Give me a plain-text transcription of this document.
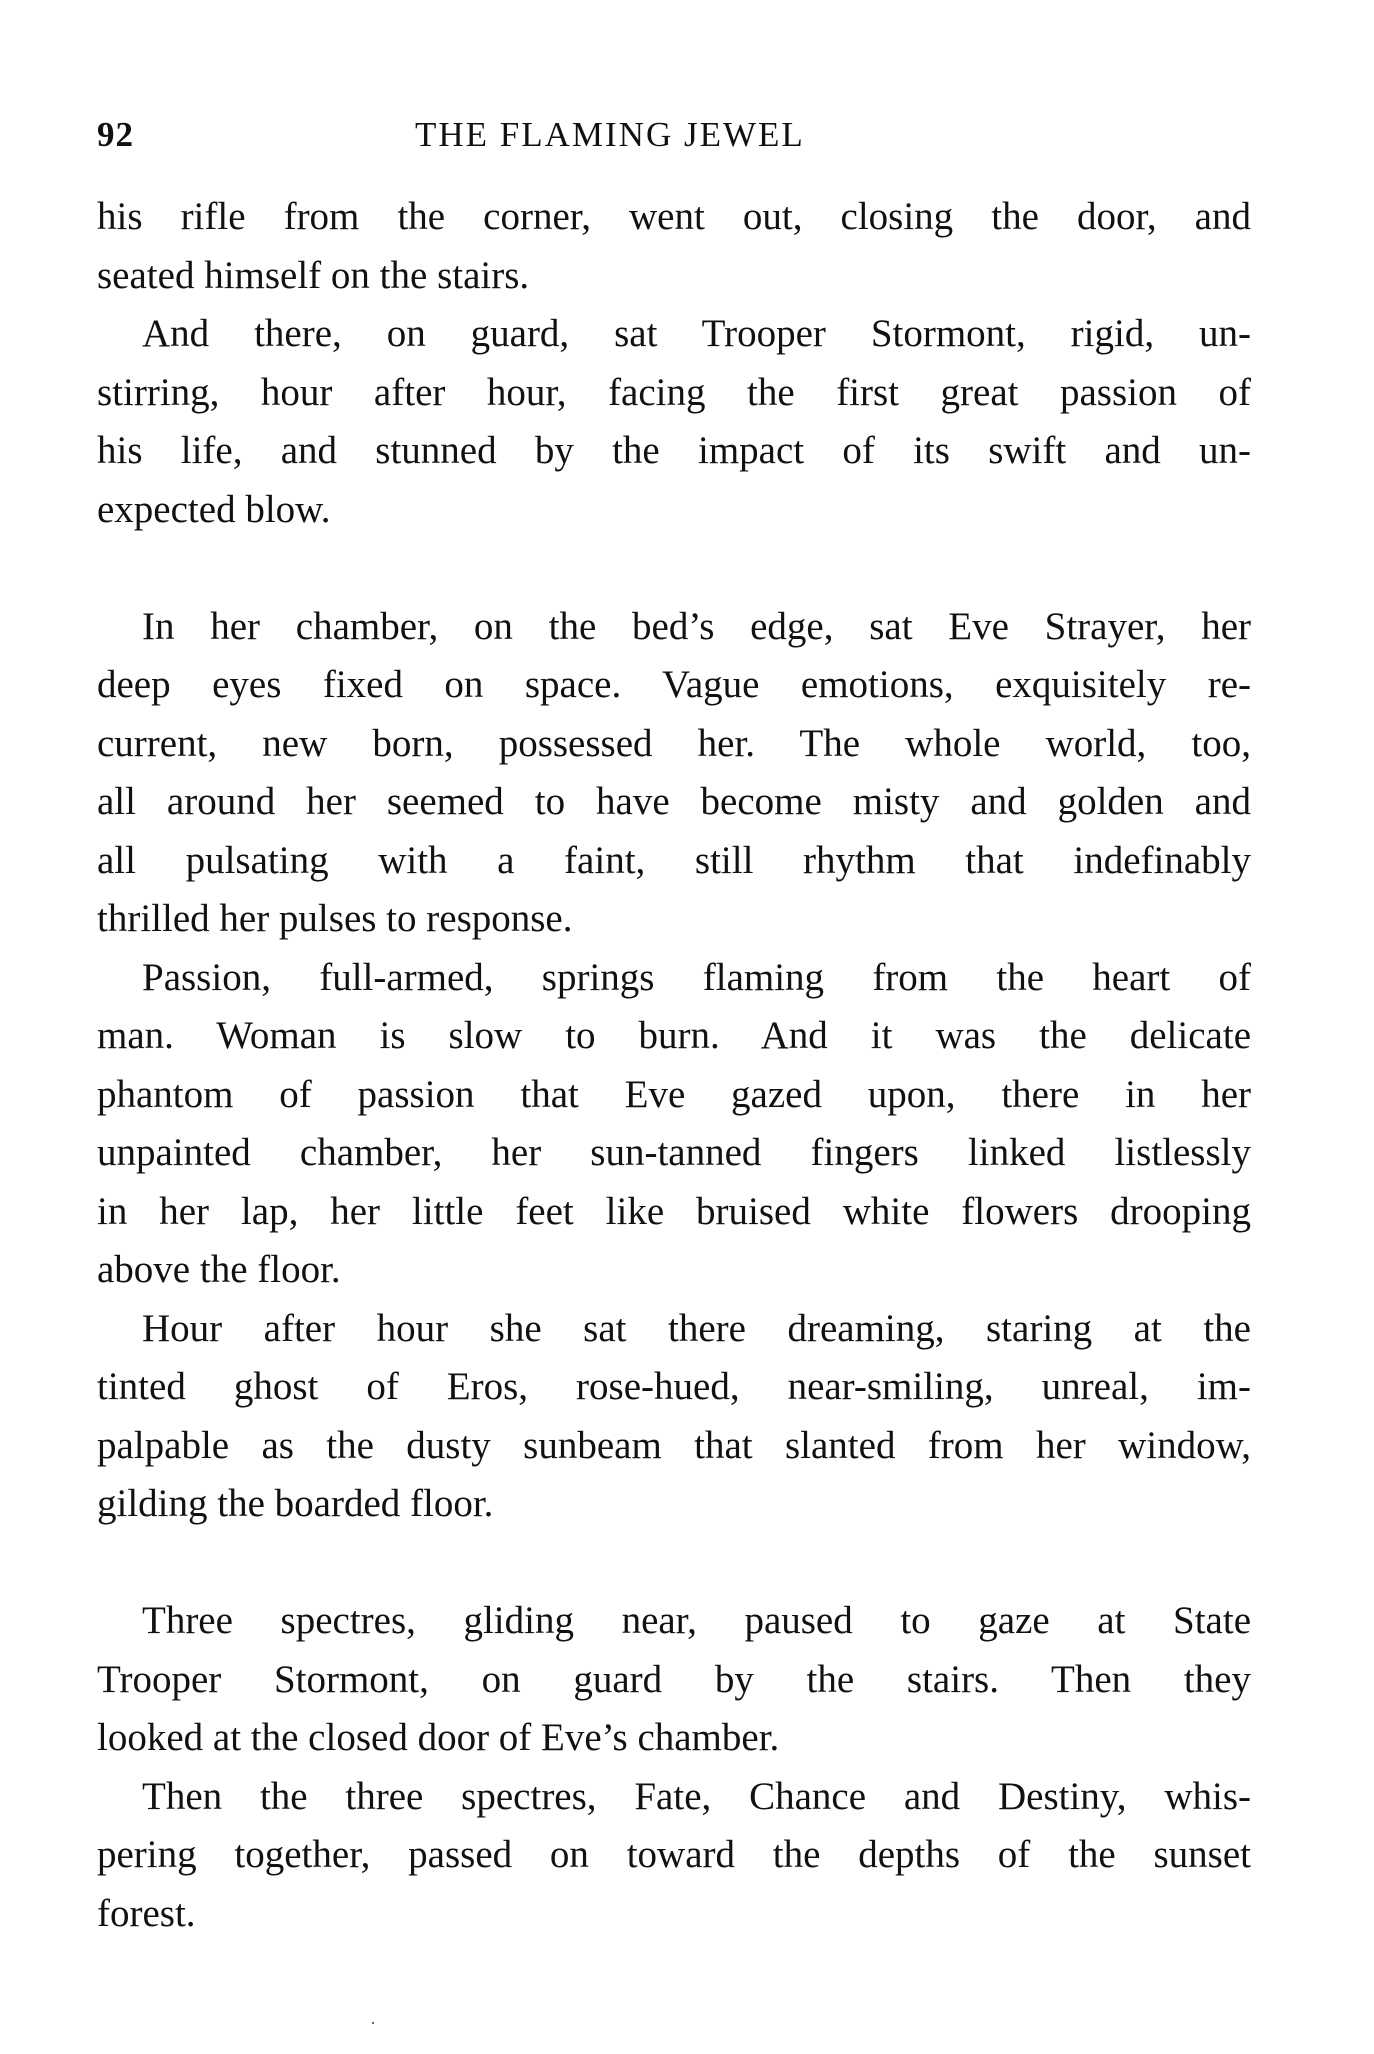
92	THE FLAMING JEWEL
his rifle from the corner, went out, closing the door, and
seated himself on the stairs.
And there, on guard, sat Trooper Stormont, rigid, un-
stirring, hour after hour, facing the first great passion of
his life, and stunned by the impact of its swift and un-
expected blow.
In her chamber, on the bed’s edge, sat Eve Strayer, her
deep eyes fixed on space. Vague emotions, exquisitely re-
current, new born, possessed her. The whole world, too,
all around her seemed to have become misty and golden and
all pulsating with a faint, still rhythm that indefinably
thrilled her pulses to response.
Passion, full-armed, springs flaming from the heart of
man. Woman is slow to burn. And it was the delicate
phantom of passion that Eve gazed upon, there in her
unpainted chamber, her sun-tanned fingers linked listlessly
in her lap, her little feet like bruised white flowers drooping
above the floor.
Hour after hour she sat there dreaming, staring at the
tinted ghost of Eros, rose-hued, near-smiling, unreal, im-
palpable as the dusty sunbeam that slanted from her window,
gilding the boarded floor.
Three spectres, gliding near, paused to gaze at State
Trooper Stormont, on guard by the stairs. Then they
looked at the closed door of Eve’s chamber.
Then the three spectres, Fate, Chance and Destiny, whis-
pering together, passed on toward the depths of the sunset
forest.
